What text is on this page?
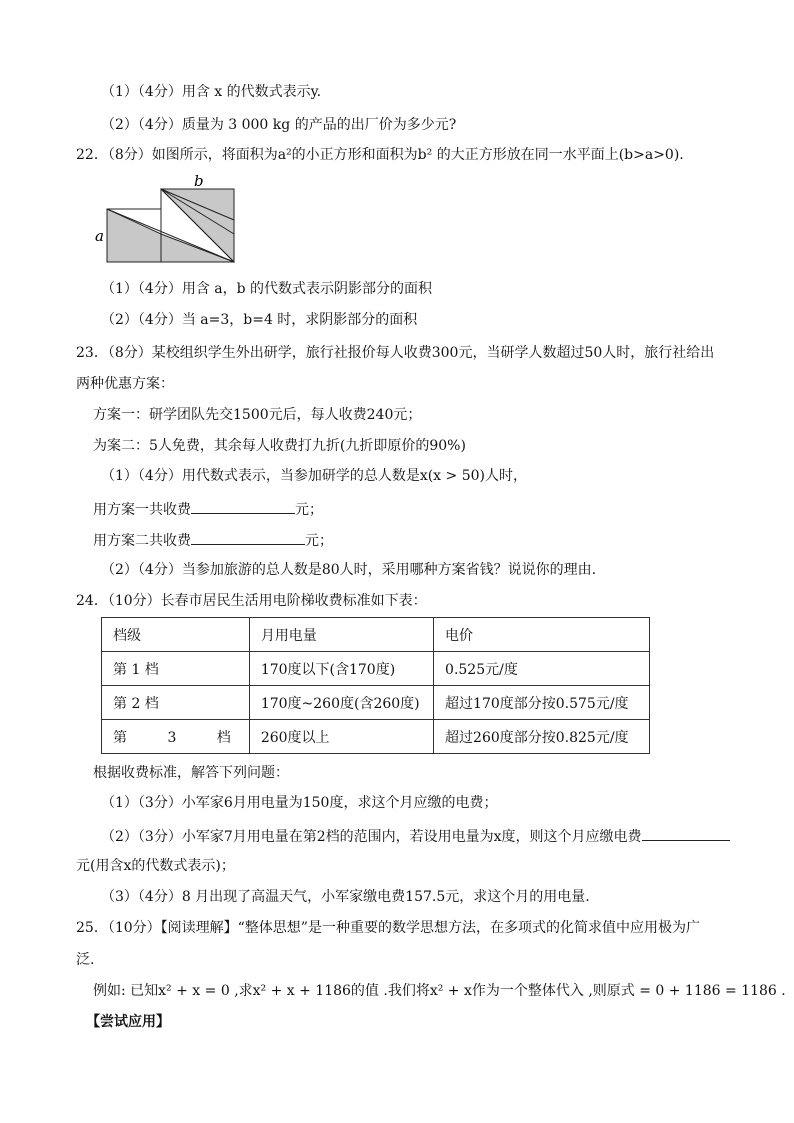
（1）（4分）用含 x 的代数式表示y.
（2）（4分）质量为 3 000 kg 的产品的出厂价为多少元?
22．（8分）如图所示，将面积为a²的小正方形和面积为b² 的大正方形放在同一水平面上(b>a>0).
b
a
（1）（4分）用含 a，b 的代数式表示阴影部分的面积
（2）（4分）当 a=3，b=4 时，求阴影部分的面积
23．（8分）某校组织学生外出研学，旅行社报价每人收费300元，当研学人数超过50人时，旅行社给出
两种优惠方案：
方案一：研学团队先交1500元后，每人收费240元；
为案二：5人免费，其余每人收费打九折(九折即原价的90%)
（1）（4分）用代数式表示，当参加研学的总人数是x(x > 50)人时，
用方案一共收费	元；
用方案二共收费	元；
（2）（4分）当参加旅游的总人数是80人时，采用哪种方案省钱？说说你的理由.
24．（10分）长春市居民生活用电阶梯收费标准如下表：
档级	月用电量	电价
第 1 档	170度以下(含170度)	0.525元/度
第 2 档	170度~260度(含260度)	超过170度部分按0.575元/度
第 3 档	260度以上	超过260度部分按0.825元/度
根据收费标准，解答下列问题：
（1）（3分）小军家6月用电量为150度，求这个月应缴的电费；
（2）（3分）小军家7月用电量在第2档的范围内，若设用电量为x度，则这个月应缴电费
元(用含x的代数式表示)；
（3）（4分）8 月出现了高温天气，小军家缴电费157.5元，求这个月的用电量.
25．（10分）【阅读理解】“整体思想”是一种重要的数学思想方法，在多项式的化简求值中应用极为广
泛.
例如: 已知x² + x = 0 ,求x² + x + 1186的值 .我们将x² + x作为一个整体代入 ,则原式 = 0 + 1186 = 1186 .
【尝试应用】
